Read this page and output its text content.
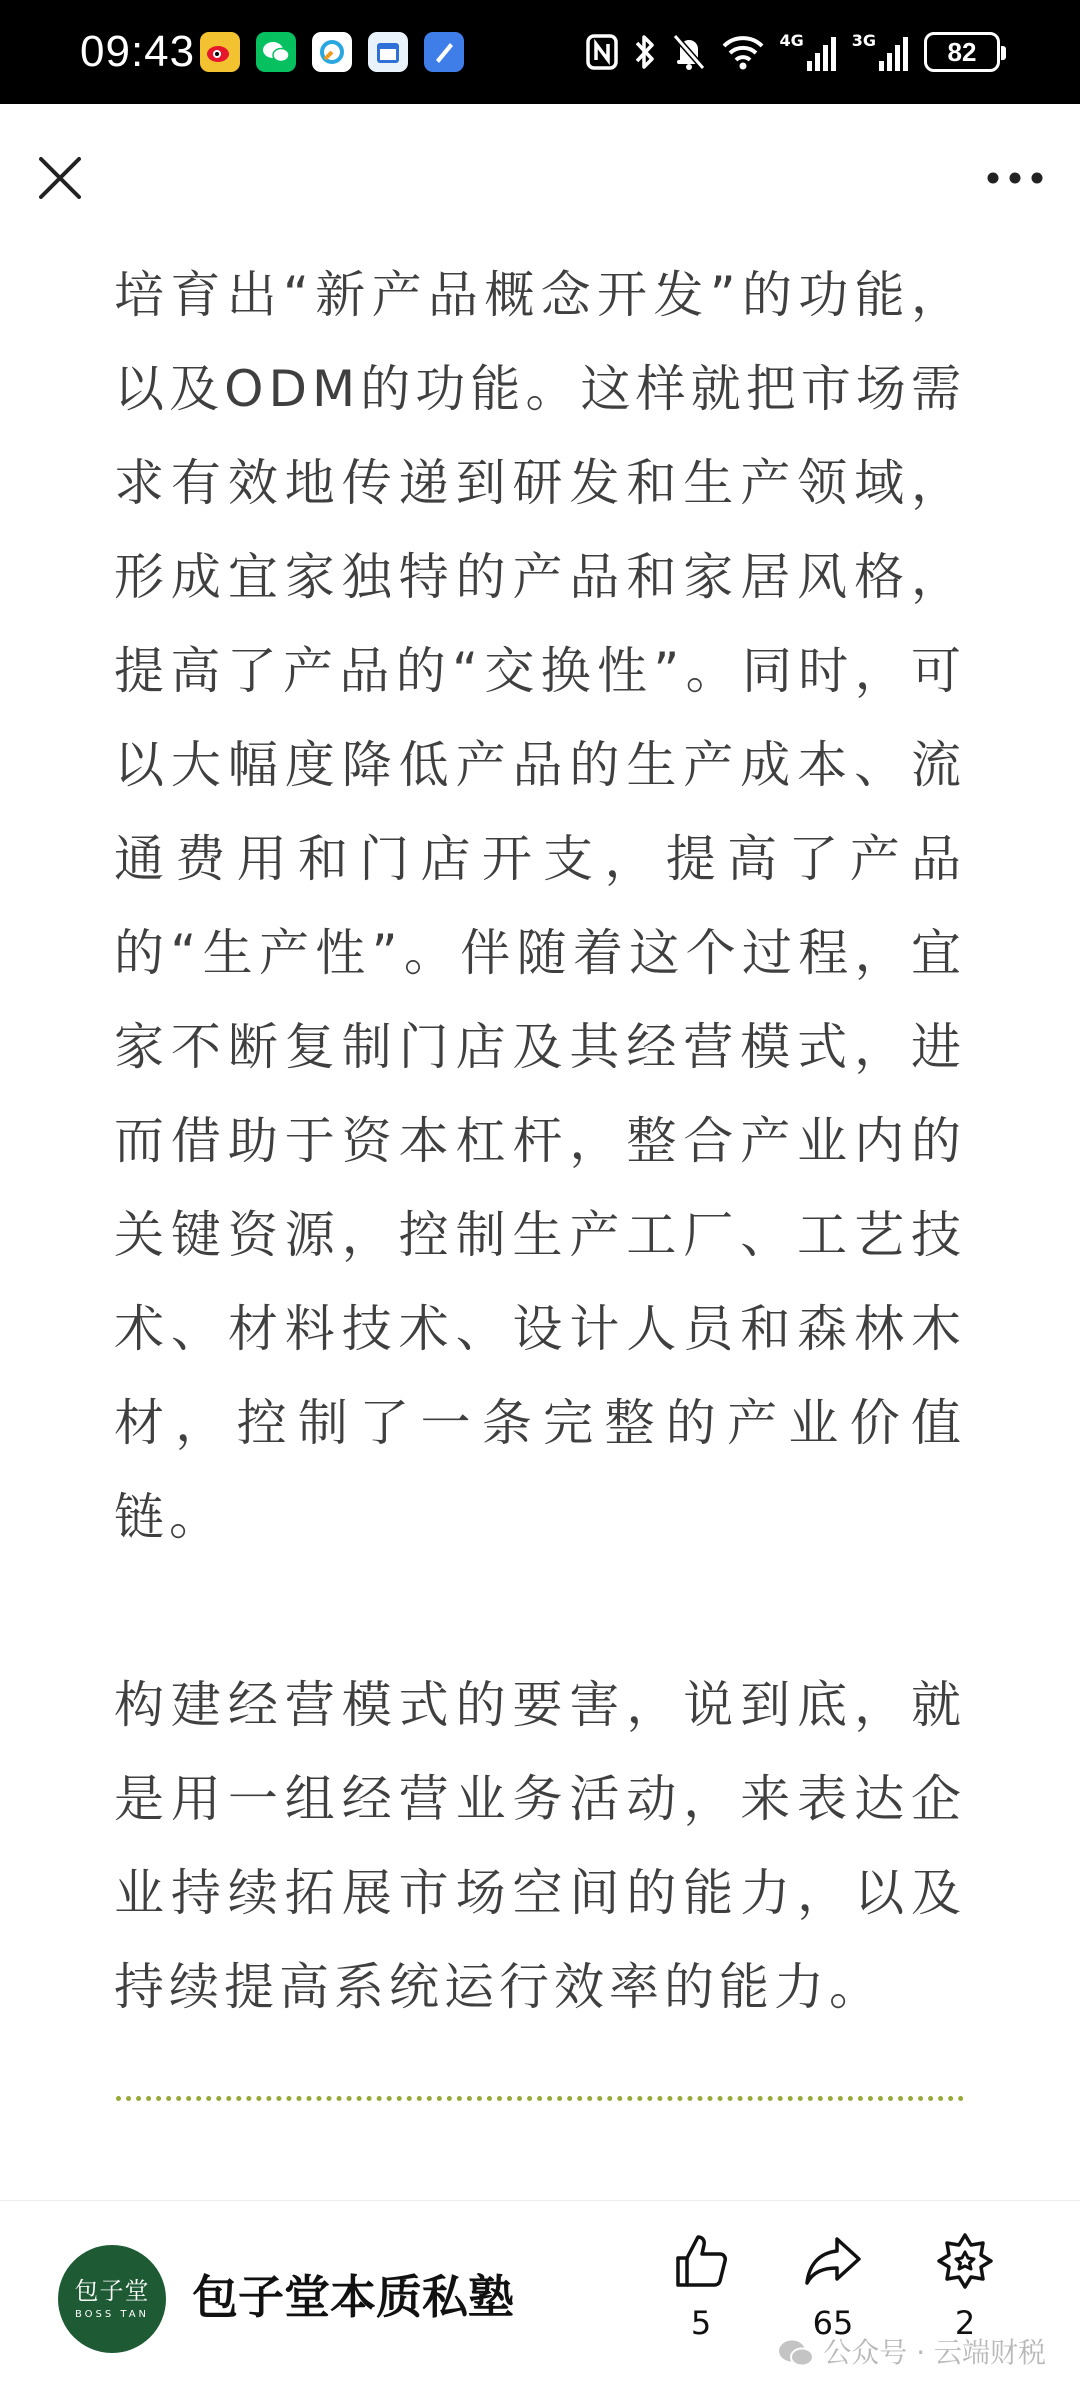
09:43	4G	3G	82

培育出“新产品概念开发”的功能，以及ODM的功能。这样就把市场需求有效地传递到研发和生产领域，形成宜家独特的产品和家居风格，提高了产品的“交换性”。同时，可以大幅度降低产品的生产成本、流通费用和门店开支，提高了产品的“生产性”。伴随着这个过程，宜家不断复制门店及其经营模式，进而借助于资本杠杆，整合产业内的关键资源，控制生产工厂、工艺技术、材料技术、设计人员和森林木材，控制了一条完整的产业价值链。

构建经营模式的要害，说到底，就是用一组经营业务活动，来表达企业持续拓展市场空间的能力，以及持续提高系统运行效率的能力。

包子堂
BOSS TAN 包子堂本质私塾	5	65	2
公众号 · 云端财税
